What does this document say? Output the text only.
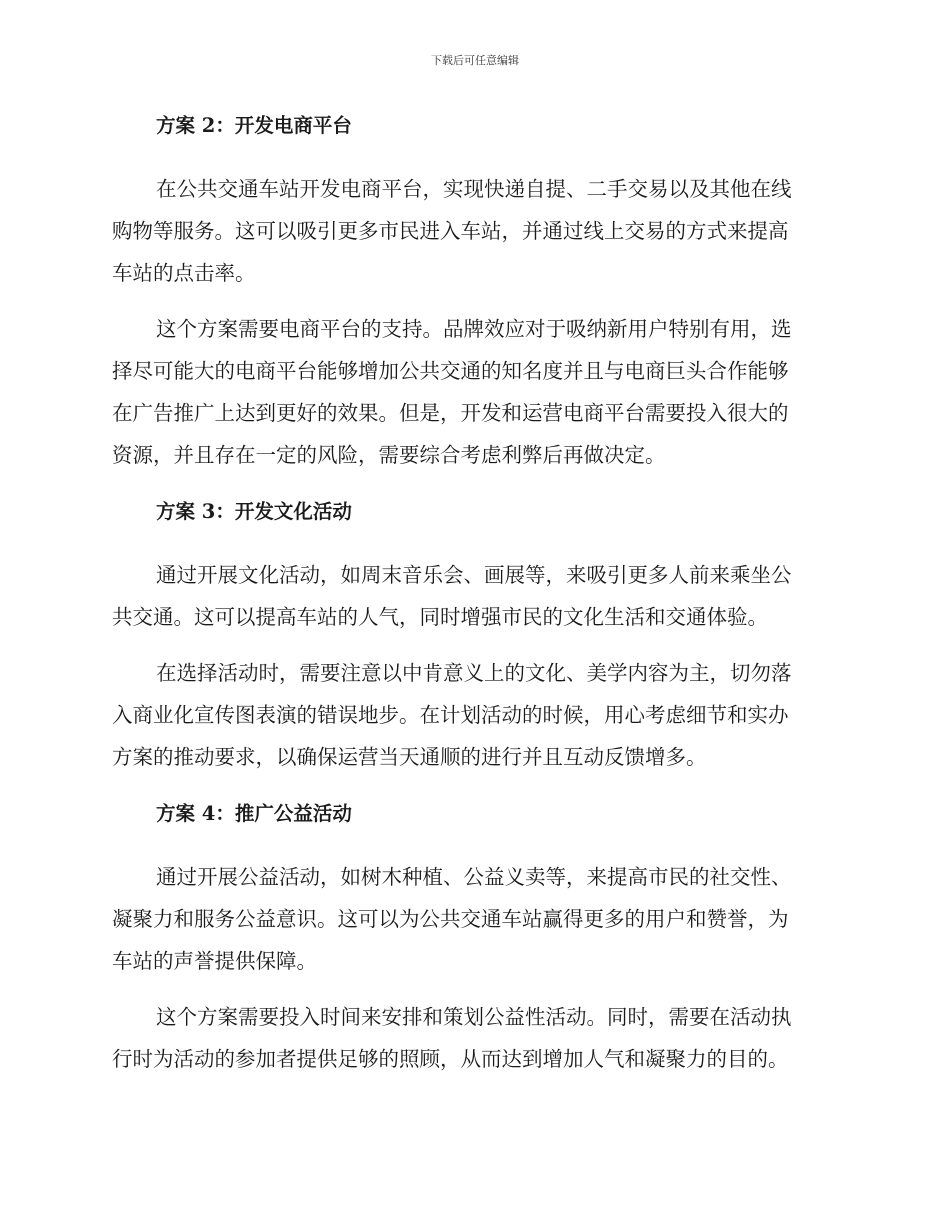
下载后可任意编辑
方案 2：开发电商平台

在公共交通车站开发电商平台，实现快递自提、二手交易以及其他在线
购物等服务。这可以吸引更多市民进入车站，并通过线上交易的方式来提高
车站的点击率。

这个方案需要电商平台的支持。品牌效应对于吸纳新用户特别有用，选
择尽可能大的电商平台能够增加公共交通的知名度并且与电商巨头合作能够
在广告推广上达到更好的效果。但是，开发和运营电商平台需要投入很大的
资源，并且存在一定的风险，需要综合考虑利弊后再做决定。

方案 3：开发文化活动

通过开展文化活动，如周末音乐会、画展等，来吸引更多人前来乘坐公
共交通。这可以提高车站的人气，同时增强市民的文化生活和交通体验。

在选择活动时，需要注意以中肯意义上的文化、美学内容为主，切勿落
入商业化宣传图表演的错误地步。在计划活动的时候，用心考虑细节和实办
方案的推动要求，以确保运营当天通顺的进行并且互动反馈增多。

方案 4：推广公益活动

通过开展公益活动，如树木种植、公益义卖等，来提高市民的社交性、
凝聚力和服务公益意识。这可以为公共交通车站赢得更多的用户和赞誉，为
车站的声誉提供保障。

这个方案需要投入时间来安排和策划公益性活动。同时，需要在活动执
行时为活动的参加者提供足够的照顾，从而达到增加人气和凝聚力的目的。
